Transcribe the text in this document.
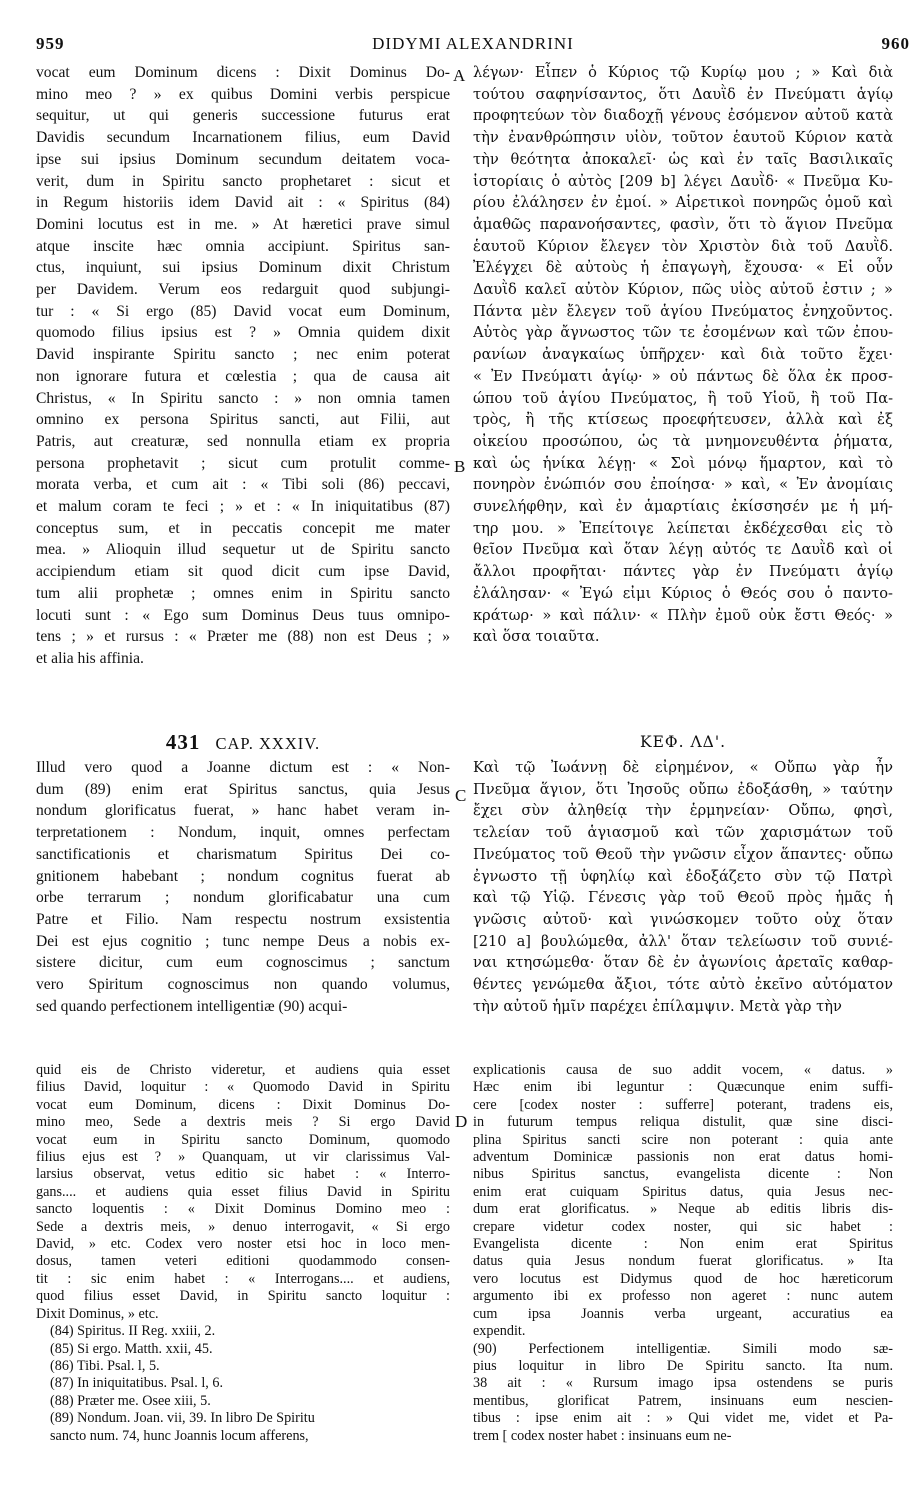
959	DIDYMI ALEXANDRINI	960
A
B
C
D
vocat eum Dominum dicens : Dixit Dominus Do-
mino meo ? » ex quibus Domini verbis perspicue
sequitur, ut qui generis successione futurus erat
Davidis secundum Incarnationem filius, eum David
ipse sui ipsius Dominum secundum deitatem voca-
verit, dum in Spiritu sancto prophetaret : sicut et
in Regum historiis idem David ait : « Spiritus (84)
Domini locutus est in me. » At hæretici prave simul
atque inscite hæc omnia accipiunt. Spiritus san-
ctus, inquiunt, sui ipsius Dominum dixit Christum
per Davidem. Verum eos redarguit quod subjungi-
tur : « Si ergo (85) David vocat eum Dominum,
quomodo filius ipsius est ? » Omnia quidem dixit
David inspirante Spiritu sancto ; nec enim poterat
non ignorare futura et cœlestia ; qua de causa ait
Christus, « In Spiritu sancto : » non omnia tamen
omnino ex persona Spiritus sancti, aut Filii, aut
Patris, aut creaturæ, sed nonnulla etiam ex propria
persona prophetavit ; sicut cum protulit comme-
morata verba, et cum ait : « Tibi soli (86) peccavi,
et malum coram te feci ; » et : « In iniquitatibus (87)
conceptus sum, et in peccatis concepit me mater
mea. » Alioquin illud sequetur ut de Spiritu sancto
accipiendum etiam sit quod dicit cum ipse David,
tum alii prophetæ ; omnes enim in Spiritu sancto
locuti sunt : « Ego sum Dominus Deus tuus omnipo-
tens ; » et rursus : « Præter me (88) non est Deus ; »
et alia his affinia.
λέγων· Εἶπεν ὁ Κύριος τῷ Κυρίῳ μου ; » Καὶ διὰ
τούτου σαφηνίσαντος, ὅτι Δαυῒδ ἐν Πνεύματι ἁγίῳ
προφητεύων τὸν διαδοχῇ γένους ἐσόμενον αὐτοῦ κατὰ
τὴν ἐνανθρώπησιν υἱὸν, τοῦτον ἑαυτοῦ Κύριον κατὰ
τὴν θεότητα ἀποκαλεῖ· ὡς καὶ ἐν ταῖς Βασιλικαῖς
ἱστορίαις ὁ αὐτὸς [209 b] λέγει Δαυῒδ· « Πνεῦμα Κυ-
ρίου ἐλάλησεν ἐν ἐμοί. » Αἱρετικοὶ πονηρῶς ὁμοῦ καὶ
ἀμαθῶς παρανοήσαντες, φασὶν, ὅτι τὸ ἅγιον Πνεῦμα
ἑαυτοῦ Κύριον ἔλεγεν τὸν Χριστὸν διὰ τοῦ Δαυῒδ.
Ἐλέγχει δὲ αὐτοὺς ἡ ἐπαγωγὴ, ἔχουσα· « Εἰ οὖν
Δαυῒδ καλεῖ αὐτὸν Κύριον, πῶς υἱὸς αὐτοῦ ἐστιν ; »
Πάντα μὲν ἔλεγεν τοῦ ἁγίου Πνεύματος ἐνηχοῦντος.
Αὐτὸς γὰρ ἄγνωστος τῶν τε ἐσομένων καὶ τῶν ἐπου-
ρανίων ἀναγκαίως ὑπῆρχεν· καὶ διὰ τοῦτο ἔχει·
« Ἐν Πνεύματι ἁγίῳ· » οὐ πάντως δὲ ὅλα ἐκ προσ-
ώπου τοῦ ἁγίου Πνεύματος, ἢ τοῦ Υἱοῦ, ἢ τοῦ Πα-
τρὸς, ἢ τῆς κτίσεως προεφήτευσεν, ἀλλὰ καὶ ἐξ
οἰκείου προσώπου, ὡς τὰ μνημονευθέντα ῥήματα,
καὶ ὡς ἡνίκα λέγῃ· « Σοὶ μόνῳ ἥμαρτον, καὶ τὸ
πονηρὸν ἐνώπιόν σου ἐποίησα· » καὶ, « Ἐν ἀνομίαις
συνελήφθην, καὶ ἐν ἁμαρτίαις ἐκίσσησέν με ἡ μή-
τηρ μου. » Ἐπείτοιγε λείπεται ἐκδέχεσθαι εἰς τὸ
θεῖον Πνεῦμα καὶ ὅταν λέγῃ αὐτός τε Δαυῒδ καὶ οἱ
ἄλλοι προφῆται· πάντες γὰρ ἐν Πνεύματι ἁγίῳ
ἐλάλησαν· « Ἐγώ εἰμι Κύριος ὁ Θεός σου ὁ παντο-
κράτωρ· » καὶ πάλιν· « Πλὴν ἐμοῦ οὐκ ἔστι Θεός· »
καὶ ὅσα τοιαῦτα.
431 CAP. XXXIV.	ΚΕΦ. ΛΔ'.
Illud vero quod a Joanne dictum est : « Non-
dum (89) enim erat Spiritus sanctus, quia Jesus
nondum glorificatus fuerat, » hanc habet veram in-
terpretationem : Nondum, inquit, omnes perfectam
sanctificationis et charismatum Spiritus Dei co-
gnitionem habebant ; nondum cognitus fuerat ab
orbe terrarum ; nondum glorificabatur una cum
Patre et Filio. Nam respectu nostrum exsistentia
Dei est ejus cognitio ; tunc nempe Deus a nobis ex-
sistere dicitur, cum eum cognoscimus ; sanctum
vero Spiritum cognoscimus non quando volumus,
sed quando perfectionem intelligentiæ (90) acqui-
Καὶ τῷ Ἰωάννῃ δὲ εἰρημένον, « Οὔπω γὰρ ἦν
Πνεῦμα ἅγιον, ὅτι Ἰησοῦς οὔπω ἐδοξάσθη, » ταύτην
ἔχει σὺν ἀληθείᾳ τὴν ἑρμηνείαν· Οὔπω, φησὶ,
τελείαν τοῦ ἁγιασμοῦ καὶ τῶν χαρισμάτων τοῦ
Πνεύματος τοῦ Θεοῦ τὴν γνῶσιν εἶχον ἅπαντες· οὔπω
ἐγνωστο τῇ ὑφηλίῳ καὶ ἐδοξάζετο σὺν τῷ Πατρὶ
καὶ τῷ Υἱῷ. Γένεσις γὰρ τοῦ Θεοῦ πρὸς ἡμᾶς ἡ
γνῶσις αὐτοῦ· καὶ γινώσκομεν τοῦτο οὐχ ὅταν
[210 a] βουλώμεθα, ἀλλ' ὅταν τελείωσιν τοῦ συνιέ-
ναι κτησώμεθα· ὅταν δὲ ἐν ἀγωνίοις ἀρεταῖς καθαρ-
θέντες γενώμεθα ἄξιοι, τότε αὐτὸ ἐκεῖνο αὐτόματον
τὴν αὐτοῦ ἡμῖν παρέχει ἐπίλαμψιν. Μετὰ γὰρ τὴν
quid eis de Christo videretur, et audiens quia esset
filius David, loquitur : « Quomodo David in Spiritu
vocat eum Dominum, dicens : Dixit Dominus Do-
mino meo, Sede a dextris meis ? Si ergo David
vocat eum in Spiritu sancto Dominum, quomodo
filius ejus est ? » Quanquam, ut vir clarissimus Val-
larsius observat, vetus editio sic habet : « Interro-
gans.... et audiens quia esset filius David in Spiritu
sancto loquentis : « Dixit Dominus Domino meo :
Sede a dextris meis, » denuo interrogavit, « Si ergo
David, » etc. Codex vero noster etsi hoc in loco men-
dosus, tamen veteri editioni quodammodo consen-
tit : sic enim habet : « Interrogans.... et audiens,
quod filius esset David, in Spiritu sancto loquitur :
Dixit Dominus, » etc.
(84) Spiritus. II Reg. xxiii, 2.
(85) Si ergo. Matth. xxii, 45.
(86) Tibi. Psal. l, 5.
(87) In iniquitatibus. Psal. l, 6.
(88) Præter me. Osee xiii, 5.
(89) Nondum. Joan. vii, 39. In libro De Spiritu
sancto num. 74, hunc Joannis locum afferens,
explicationis causa de suo addit vocem, « datus. »
Hæc enim ibi leguntur : Quæcunque enim suffi-
cere [codex noster : sufferre] poterant, tradens eis,
in futurum tempus reliqua distulit, quæ sine disci-
plina Spiritus sancti scire non poterant : quia ante
adventum Dominicæ passionis non erat datus homi-
nibus Spiritus sanctus, evangelista dicente : Non
enim erat cuiquam Spiritus datus, quia Jesus nec-
dum erat glorificatus. » Neque ab editis libris dis-
crepare videtur codex noster, qui sic habet :
Evangelista dicente : Non enim erat Spiritus
datus quia Jesus nondum fuerat glorificatus. » Ita
vero locutus est Didymus quod de hoc hæreticorum
argumento ibi ex professo non ageret : nunc autem
cum ipsa Joannis verba urgeant, accuratius ea
expendit.
(90) Perfectionem intelligentiæ. Simili modo sæ-
pius loquitur in libro De Spiritu sancto. Ita num.
38 ait : « Rursum imago ipsa ostendens se puris
mentibus, glorificat Patrem, insinuans eum nescien-
tibus : ipse enim ait : » Qui videt me, videt et Pa-
trem [ codex noster habet : insinuans eum ne-
